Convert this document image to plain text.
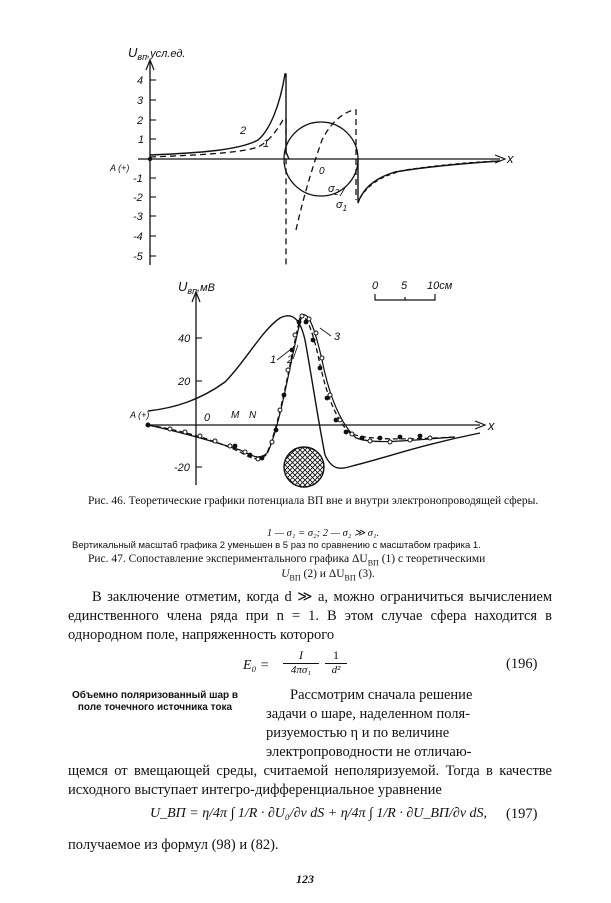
$U_{вп}^{,усл.ед.}$
4
3
2
1
-1
-2
-3
-4
-5
x
A (+)	0
$\sigma_2$
$\sigma_1$
2
1
$U_{вп}^{,мВ}$
40
20
0
-20
x
A (+)	M N
0 5 10см
1 2
3
Рис. 46. Теоретические графики потенциала ВП вне и внутри электронопроводящей сферы.
1 — σ₁ = σ₂; 2 — σ₂ ≫ σ₁.
Вертикальный масштаб графика 2 уменьшен в 5 раз по сравнению с масштабом графика 1.
Рис. 47. Сопоставление экспериментального графика $\Delta U_{ВП}$ (1) с теоретическими
$U_{ВП}$ (2) и $\Delta U_{ВП}$ (3).
В заключение отметим, когда d ≫ a, можно ограничиться вычислением единственного члена ряда при n = 1. В этом случае сфера находится в однородном поле, напряженность которого
E₀ =
I
4πσ₁
1
d²	(196)
Объемно поляризованный шар в поле точечного источника тока
Рассмотрим сначала решение
задачи о шаре, наделенном поля-
ризуемостью η и по величине
электропроводности не отличаю-
щемся от вмещающей среды, считаемой неполяризуемой. Тогда в качестве исходного выступает интегро-дифференциальное уравнение
U_ВП = η/4π ∫ 1/R · ∂U₀/∂ν dS + η/4π ∫ 1/R · ∂U_ВП/∂ν dS, (197)
получаемое из формул (98) и (82).
123
